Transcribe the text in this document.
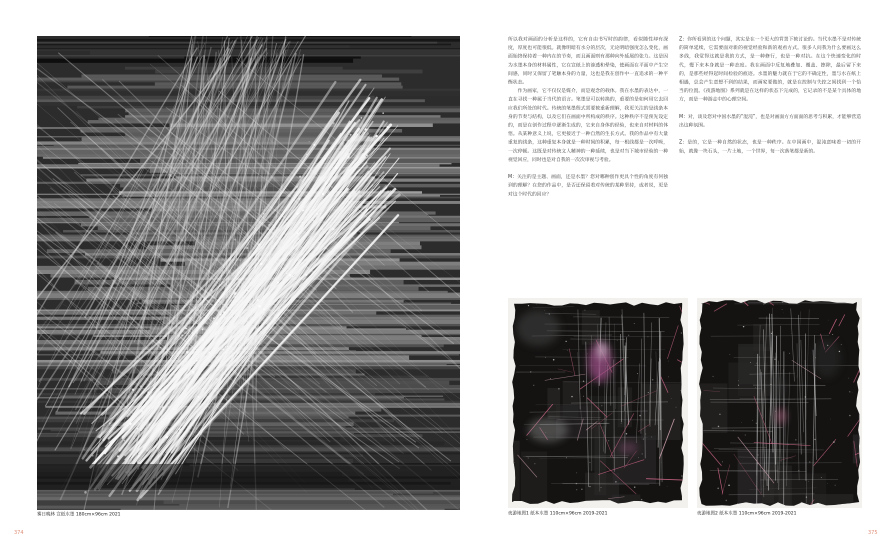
雾日晚林 宣纸水墨 180cm×96cm 2021
374

所以我对画面的分析是这样的，它有自由书写时的韵律，看似随性却有深度，厚度也可能很低。就像明暗有水分的层次，无论明暗强度怎么变化，画面始终保持着一种内在的节奏，而且画面则有那种向外延展的张力。这是因为水墨本身的材料属性，它在宣纸上的渗透和晕染，使画面在平面中产生空间感，同时又保留了笔触本身的力量，这也是我在创作中一直追求的一种平衡状态。

作为画家，它不仅仅是媒介，而是观念的载体。我在水墨的表达中，一直在寻找一种属于当代的语言。笔墨是可以转换的，重要的是如何用它去回应我们所处的时代。传统的笔墨程式需要被重新理解，我更关注的是线条本身的节奏与结构，以及它们在画面中所构成的秩序。这种秩序不是预先设定的，而是在创作过程中逐渐生成的，它来自身体的经验，也来自对材料的体悟。从某种意义上说，它更接近于一种自然的生长方式。我的作品中有大量重复的线条，这种重复本身就是一种时间的积累，每一根线都是一次呼吸，一次停顿。这既是对传统文人精神的一种延续，也是对当下城市经验的一种视觉回应，同时也是对自我的一次次审视与考验。

M：关注的是主题、画面，还是水墨？您对哪种创作更具个性的角度有何独到的理解？在您的作品中，是否还保留着对传统的某种坚持，或者说，更是对这个时代的回应？

Z：你所看到的这个问题，其实是在一个更大的背景下被讨论的。当代水墨不是对传统的简单延续，它需要面对新的视觉经验和新的观看方式。很多人问我为什么要画这么多线，我觉得这就是我的方式，是一种修行，也是一种对抗。在这个快速变化的时代，慢下来本身就是一种态度。我在画面中反复地叠加、覆盖、擦除，最后留下来的，是那些经得起时间检验的痕迹。水墨的魅力就在于它的不确定性，墨与水在纸上相遇，总会产生意想不到的结果，而画家要做的，就是在控制与失控之间找到一个恰当的位置。《夜游地图》系列就是在这样的状态下完成的，它记录的不是某个具体的地方，而是一种游走中的心理空间。

M：对，谈及您对中国水墨的“混沌”，也是对画面方方面面的思考与积累，才能够营造出这种氛围。

Z：是的，它是一种自然的状态，也是一种秩序。在中国画中，混沌意味着一切的开始，就像一块石头，一片土地，一个世界，每一次落笔都是新的。

夜游地图1 纸本水墨 110cm×96cm 2019-2021	夜游地图2 纸本水墨 110cm×96cm 2019-2021
375
